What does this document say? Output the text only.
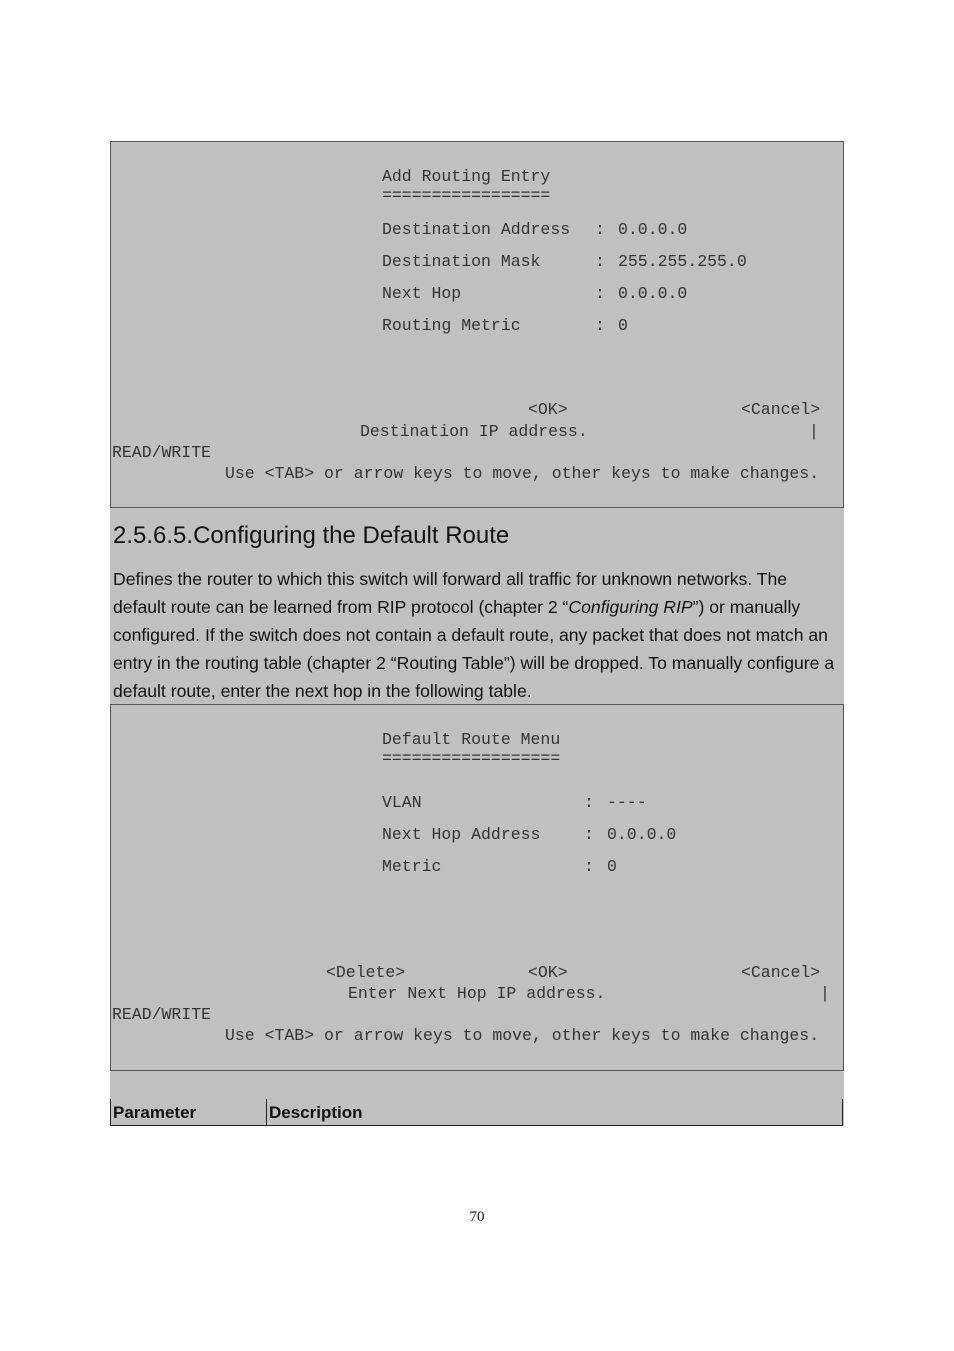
Add Routing Entry
=================
Destination Address : 0.0.0.0
Destination Mask : 255.255.255.0
Next Hop : 0.0.0.0
Routing Metric : 0
<OK>	<Cancel>
Destination IP address.	|
READ/WRITE
Use <TAB> or arrow keys to move, other keys to make changes.
2.5.6.5.Configuring the Default Route
Defines the router to which this switch will forward all traffic for unknown networks. The default route can be learned from RIP protocol (chapter 2 “Configuring RIP”) or manually configured. If the switch does not contain a default route, any packet that does not match an entry in the routing table (chapter 2 “Routing Table”) will be dropped. To manually configure a default route, enter the next hop in the following table.
Default Route Menu
==================
VLAN : ----
Next Hop Address : 0.0.0.0
Metric : 0
<Delete>	<OK>	<Cancel>
Enter Next Hop IP address.	|
READ/WRITE
Use <TAB> or arrow keys to move, other keys to make changes.
Parameter	Description
70
